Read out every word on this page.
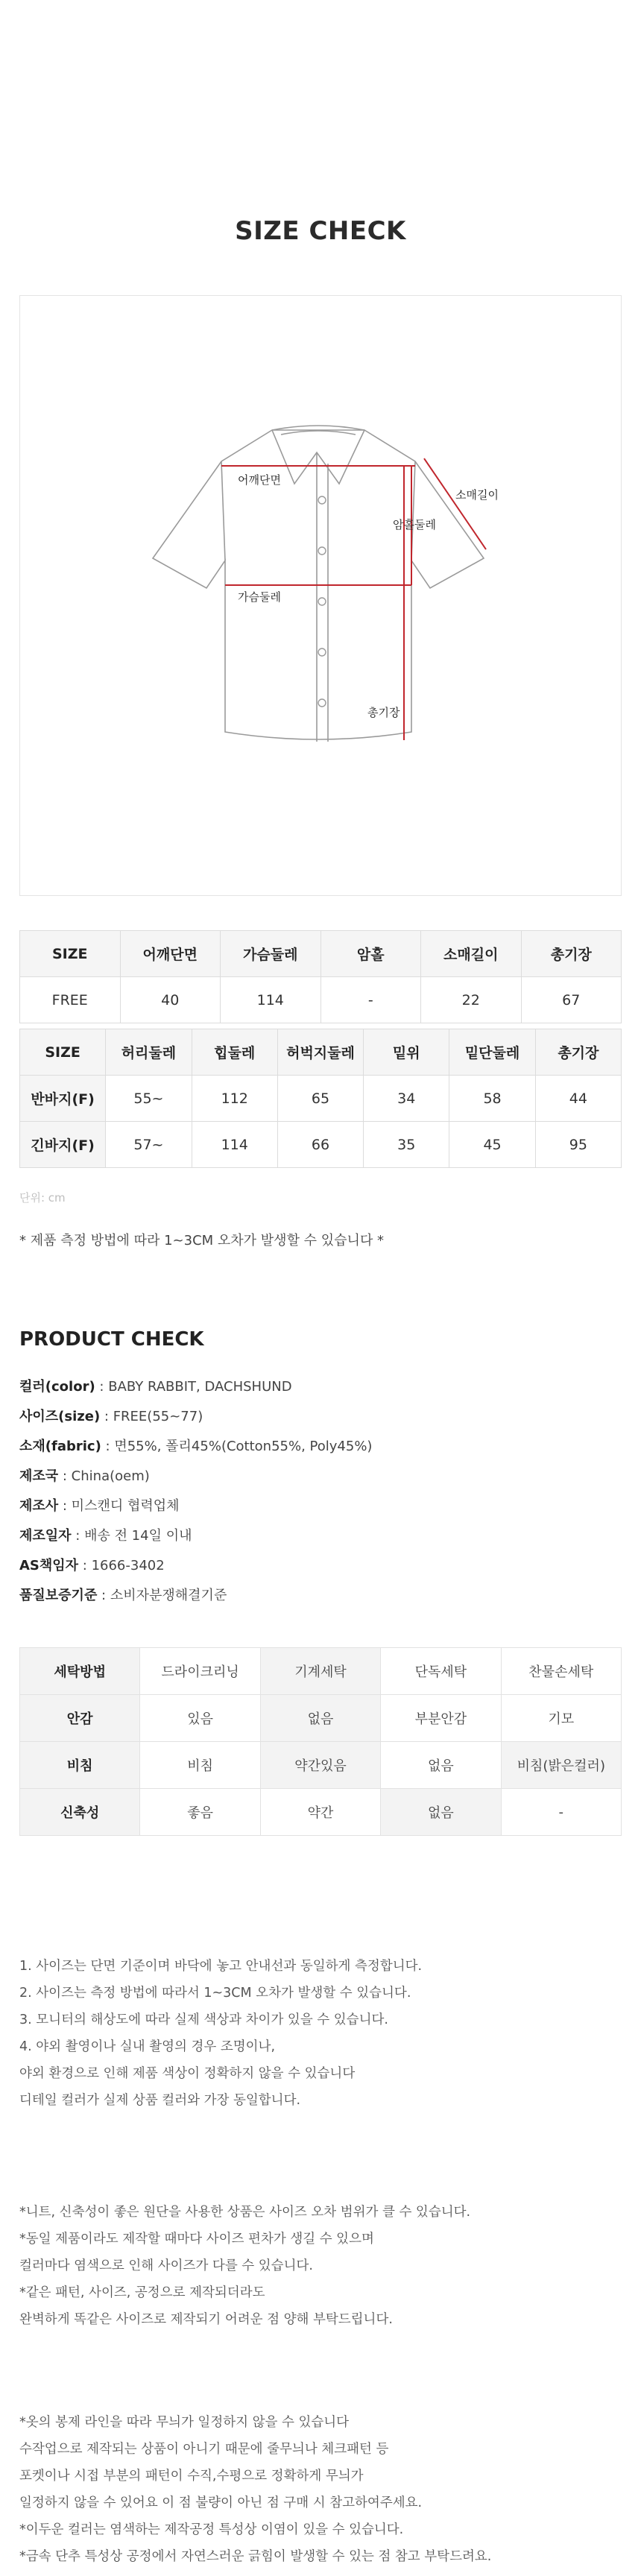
SIZE CHECK
어깨단면
가슴둘레
암홀둘레
소매길이
총기장
SIZE	어깨단면	가슴둘레	암홀	소매길이	총기장
FREE	40	114	-	22	67
SIZE	허리둘레	힙둘레	허벅지둘레	밑위	밑단둘레	총기장
반바지(F)	55~	112	65	34	58	44
긴바지(F)	57~	114	66	35	45	95
단위: cm
* 제품 측정 방법에 따라 1~3CM 오차가 발생할 수 있습니다 *
PRODUCT CHECK
컬러(color) : BABY RABBIT, DACHSHUND
사이즈(size) : FREE(55~77)
소재(fabric) : 면55%, 폴리45%(Cotton55%, Poly45%)
제조국 : China(oem)
제조사 : 미스캔디 협력업체
제조일자 : 배송 전 14일 이내
AS책임자 : 1666-3402
품질보증기준 : 소비자분쟁해결기준
세탁방법	드라이크리닝	기계세탁	단독세탁	찬물손세탁
안감	있음	없음	부분안감	기모
비침	비침	약간있음	없음	비침(밝은컬러)
신축성	좋음	약간	없음	-
1. 사이즈는 단면 기준이며 바닥에 놓고 안내선과 동일하게 측정합니다.
2. 사이즈는 측정 방법에 따라서 1~3CM 오차가 발생할 수 있습니다.
3. 모니터의 해상도에 따라 실제 색상과 차이가 있을 수 있습니다.
4. 야외 촬영이나 실내 촬영의 경우 조명이나,
야외 환경으로 인해 제품 색상이 정확하지 않을 수 있습니다
디테일 컬러가 실제 상품 컬러와 가장 동일합니다.
*니트, 신축성이 좋은 원단을 사용한 상품은 사이즈 오차 범위가 클 수 있습니다.
*동일 제품이라도 제작할 때마다 사이즈 편차가 생길 수 있으며
컬러마다 염색으로 인해 사이즈가 다를 수 있습니다.
*같은 패턴, 사이즈, 공정으로 제작되더라도
완벽하게 똑같은 사이즈로 제작되기 어려운 점 양해 부탁드립니다.
*옷의 봉제 라인을 따라 무늬가 일정하지 않을 수 있습니다
수작업으로 제작되는 상품이 아니기 때문에 줄무늬나 체크패턴 등
포켓이나 시접 부분의 패턴이 수직,수평으로 정확하게 무늬가
일정하지 않을 수 있어요 이 점 불량이 아닌 점 구매 시 참고하여주세요.
*이두운 컬러는 염색하는 제작공정 특성상 이염이 있을 수 있습니다.
*금속 단추 특성상 공정에서 자연스러운 긁힘이 발생할 수 있는 점 참고 부탁드려요.
